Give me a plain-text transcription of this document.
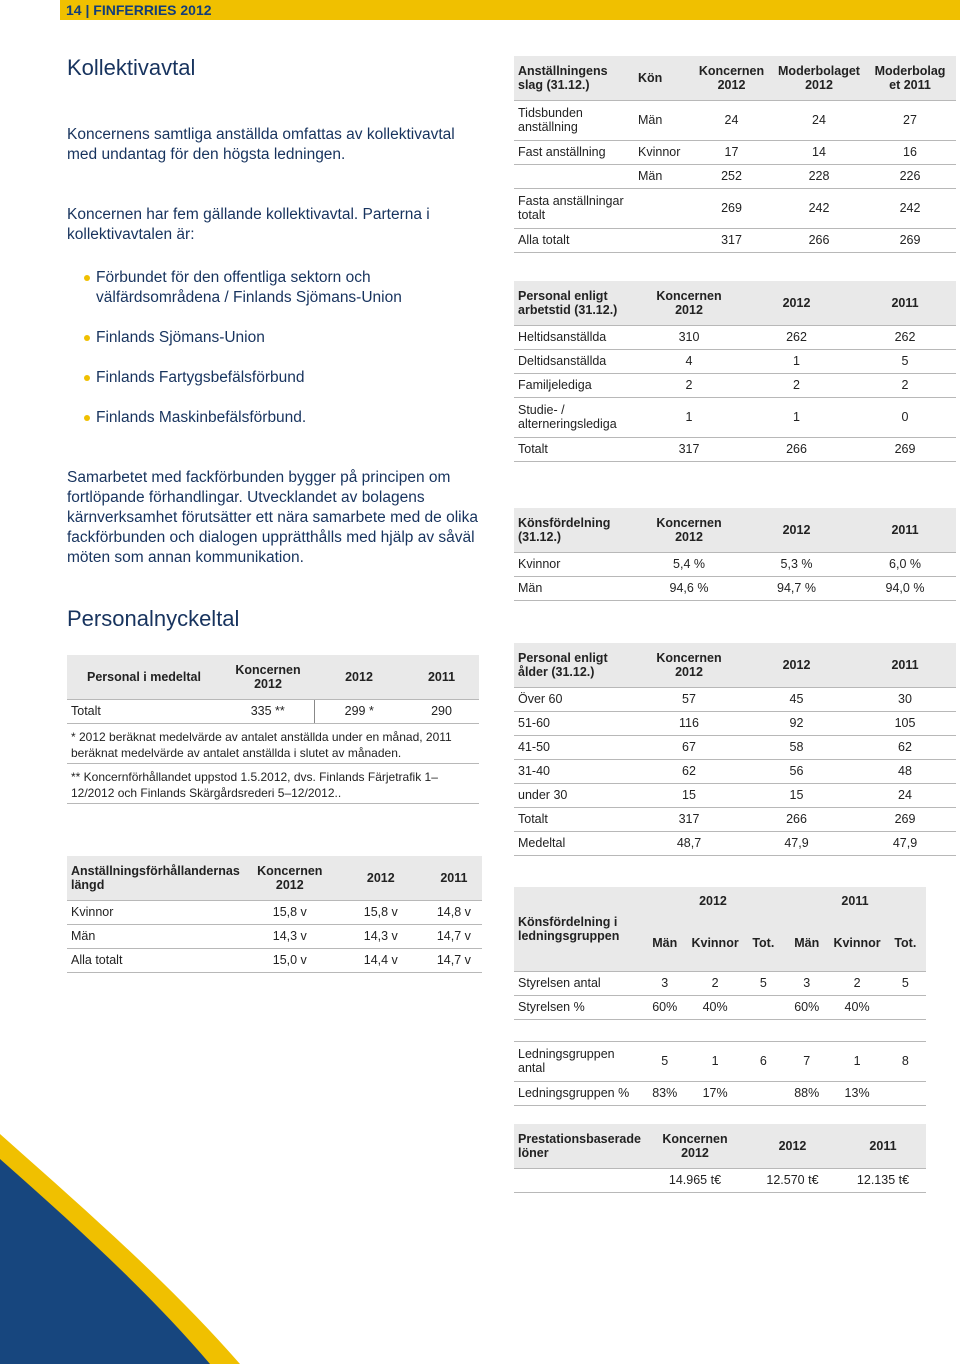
14 | FINFERRIES 2012
Kollektivavtal

Koncernens samtliga anställda omfattas av kollektivavtal med undantag för den högsta ledningen.

Koncernen har fem gällande kollektivavtal. Parterna i kollektivavtalen är:

Förbundet för den offentliga sektorn och välfärdsområdena / Finlands Sjömans-Union
Finlands Sjömans-Union
Finlands Fartygsbefälsförbund
Finlands Maskinbefälsförbund.

Samarbetet med fackförbunden bygger på principen om fortlöpande förhandlingar. Utvecklandet av bolagens kärnverksamhet förutsätter ett nära samarbete med de olika fackförbunden och dialogen upprätthålls med hjälp av såväl möten som annan kommunikation.

Personalnyckeltal
Personal i medeltal	Koncernen 2012	2012	2011
Totalt	335 **	299 *	290
* 2012 beräknat medelvärde av antalet anställda under en månad, 2011 beräknat medelvärde av antalet anställda i slutet av månaden.			
** Koncernförhållandet uppstod 1.5.2012, dvs. Finlands Färjetrafik 1–12/2012 och Finlands Skärgårdsrederi 5–12/2012..			
Anställningsförhållandernas längd	Koncernen 2012	2012	2011
Kvinnor	15,8 v	15,8 v	14,8 v
Män	14,3 v	14,3 v	14,7 v
Alla totalt	15,0 v	14,4 v	14,7 v
Anställningens slag (31.12.)	Kön	Koncernen 2012	Moderbolaget 2012	Moderbolag et 2011
Tidsbunden anställning	Män	24	24	27
Fast anställning	Kvinnor	17	14	16
	Män	252	228	226
Fasta anställningar totalt		269	242	242
Alla totalt		317	266	269
Personal enligt arbetstid (31.12.)	Koncernen 2012	2012	2011
Heltidsanställda	310	262	262
Deltidsanställda	4	1	5
Familjelediga	2	2	2
Studie- / alterneringslediga	1	1	0
Totalt	317	266	269
Könsfördelning (31.12.)	Koncernen 2012	2012	2011
Kvinnor	5,4 %	5,3 %	6,0 %
Män	94,6 %	94,7 %	94,0 %
Personal enligt ålder (31.12.)	Koncernen 2012	2012	2011
Över 60	57	45	30
51-60	116	92	105
41-50	67	58	62
31-40	62	56	48
under 30	15	15	24
Totalt	317	266	269
Medeltal	48,7	47,9	47,9
Könsfördelning i ledningsgruppen	2012			2011		
	Män	Kvinnor	Tot.	Män	Kvinnor	Tot.
Styrelsen antal	3	2	5	3	2	5
Styrelsen %	60%	40%		60%	40%	

Ledningsgruppen antal	5	1	6	7	1	8
Ledningsgruppen %	83%	17%		88%	13%	
Prestationsbaserade löner	Koncernen 2012	2012	2011
	14.965 t€	12.570 t€	12.135 t€
